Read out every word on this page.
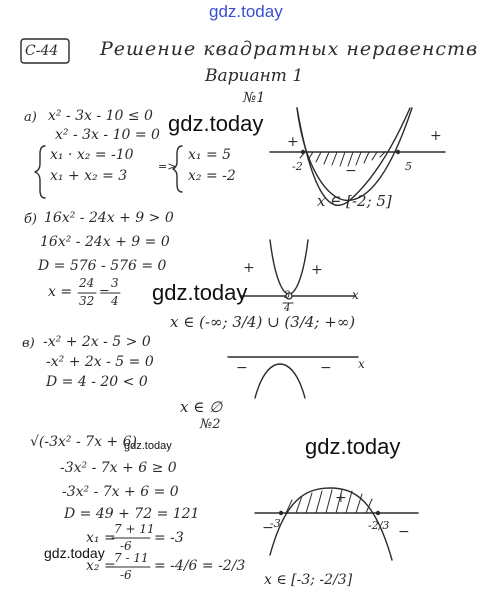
gdz.today
C-44 Решение квадратных неравенств
Вариант 1
№1
а) x² - 3x - 10 ≤ 0
x² - 3x - 10 = 0
x₁ · x₂ = -10
x₁ + x₂ = 3
=>
x₁ = 5
x₂ = -2
+	+
−
-2	5
x ∈ [-2; 5]
б) 16x² - 24x + 9 > 0
16x² - 24x + 9 = 0
D = 576 - 576 = 0
x =
24
32
=
3
4
+	+
3
4
x
x ∈ (-∞; 3/4) ∪ (3/4; +∞)
в) -x² + 2x - 5 > 0
-x² + 2x - 5 = 0
D = 4 - 20 < 0
−	− x
x ∈ ∅
№2
√(-3x² - 7x + 6)
-3x² - 7x + 6 ≥ 0
-3x² - 7x + 6 = 0
D = 49 + 72 = 121
x₁ =
7 + 11
-6 = -3
x₂ =
7 - 11
-6
= -4/6 = -2/3
+
−	−
-3	-2/3
x ∈ [-3; -2/3]
gdz.today
gdz.today
gdz.today
gdz.today
gdz.today
